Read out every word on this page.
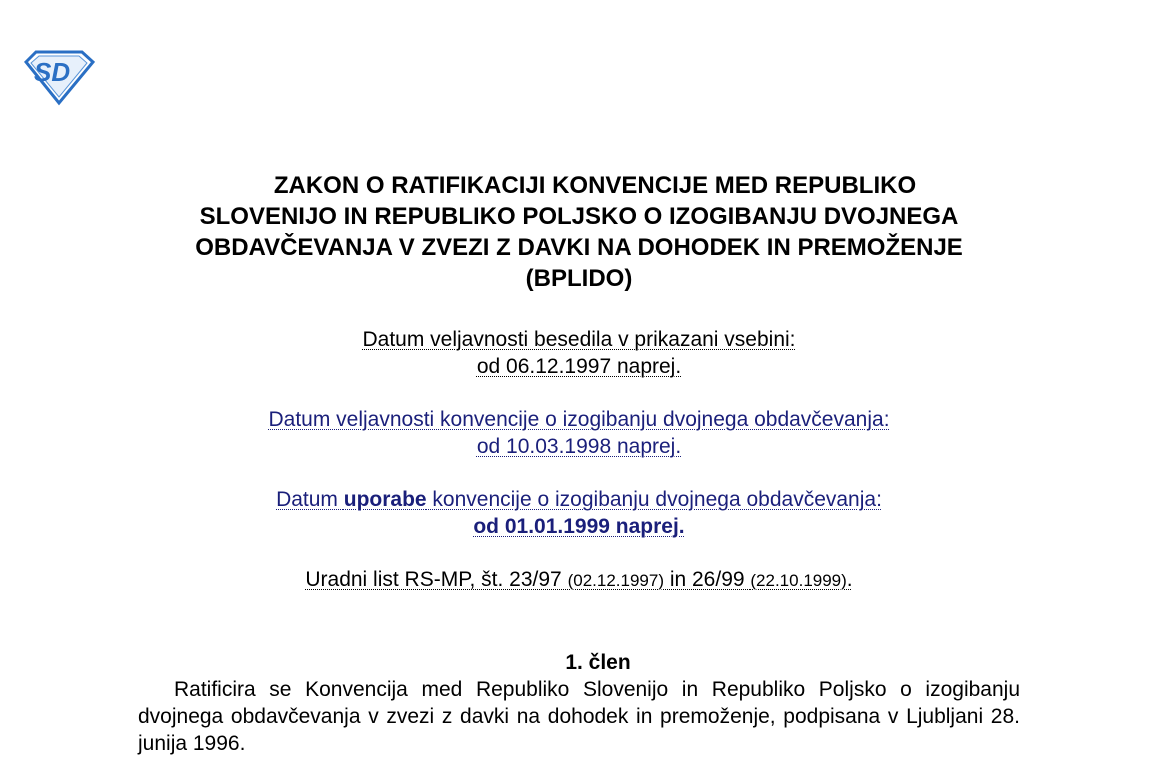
SD
ZAKON O RATIFIKACIJI KONVENCIJE MED REPUBLIKO
SLOVENIJO IN REPUBLIKO POLJSKO O IZOGIBANJU DVOJNEGA
OBDAVČEVANJA V ZVEZI Z DAVKI NA DOHODEK IN PREMOŽENJE
(BPLIDO)
Datum veljavnosti besedila v prikazani vsebini:
od 06.12.1997 naprej.
Datum veljavnosti konvencije o izogibanju dvojnega obdavčevanja:
od 10.03.1998 naprej.
Datum uporabe konvencije o izogibanju dvojnega obdavčevanja:
od 01.01.1999 naprej.
Uradni list RS-MP, št. 23/97 (02.12.1997) in 26/99 (22.10.1999).
1. člen

Ratificira se Konvencija med Republiko Slovenijo in Republiko Poljsko o izogibanju dvojnega obdavčevanja v zvezi z davki na dohodek in premoženje, podpisana v Ljubljani 28. junija 1996.
